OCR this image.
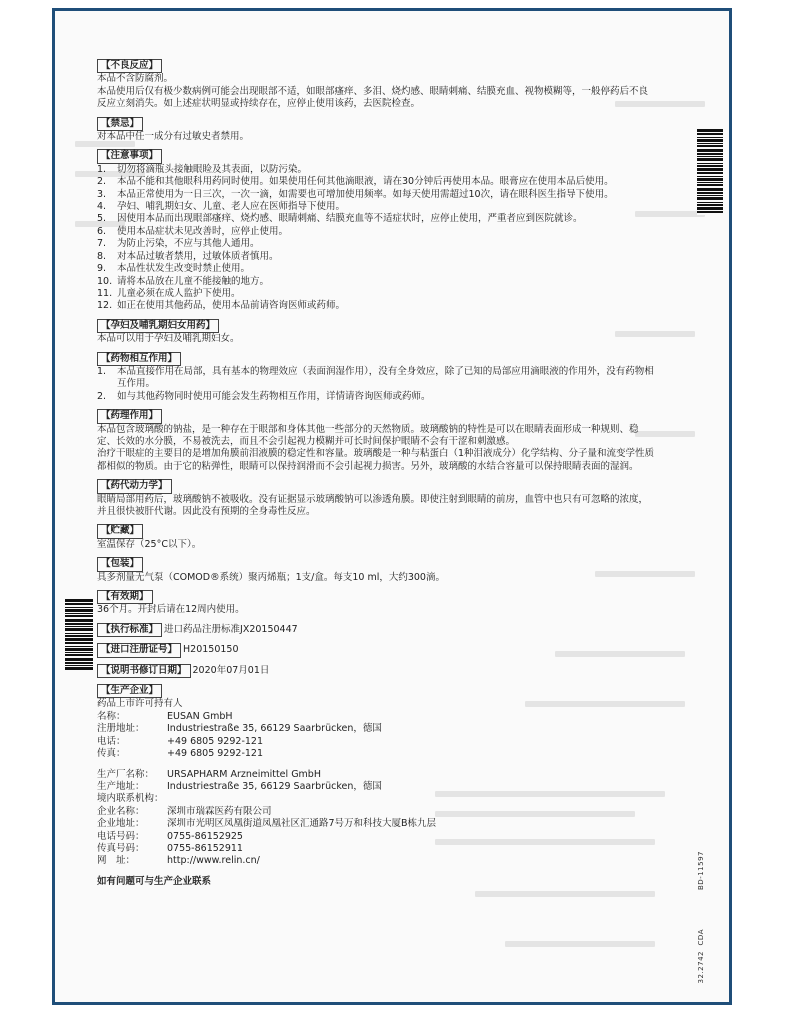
【不良反应】

本品不含防腐剂。

本品使用后仅有极少数病例可能会出现眼部不适，如眼部瘙痒、多泪、烧灼感、眼睛刺痛、结膜充血、视物模糊等，一般停药后不良反应立刻消失。如上述症状明显或持续存在，应停止使用该药，去医院检查。

【禁忌】

对本品中任一成分有过敏史者禁用。

【注意事项】
1.	切勿将滴瓶头接触眼睑及其表面，以防污染。
2.	本品不能和其他眼科用药同时使用。如果使用任何其他滴眼液，请在30分钟后再使用本品。眼膏应在使用本品后使用。
3.	本品正常使用为一日三次，一次一滴，如需要也可增加使用频率。如每天使用需超过10次，请在眼科医生指导下使用。
4.	孕妇、哺乳期妇女、儿童、老人应在医师指导下使用。
5.	因使用本品而出现眼部瘙痒、烧灼感、眼睛刺痛、结膜充血等不适症状时，应停止使用，严重者应到医院就诊。
6.	使用本品症状未见改善时，应停止使用。
7.	为防止污染，不应与其他人通用。
8.	对本品过敏者禁用，过敏体质者慎用。
9.	本品性状发生改变时禁止使用。
10. 请将本品放在儿童不能接触的地方。
11. 儿童必须在成人监护下使用。
12. 如正在使用其他药品，使用本品前请咨询医师或药师。
【孕妇及哺乳期妇女用药】

本品可以用于孕妇及哺乳期妇女。

【药物相互作用】
1.	本品直接作用在局部，具有基本的物理效应（表面润湿作用），没有全身效应，除了已知的局部应用滴眼液的作用外，没有药物相互作用。
2.	如与其他药物同时使用可能会发生药物相互作用，详情请咨询医师或药师。
【药理作用】

本品包含玻璃酸的钠盐，是一种存在于眼部和身体其他一些部分的天然物质。玻璃酸钠的特性是可以在眼睛表面形成一种规则、稳定、长效的水分膜，不易被洗去，而且不会引起视力模糊并可长时间保护眼睛不会有干涩和刺激感。

治疗干眼症的主要目的是增加角膜前泪液膜的稳定性和容量。玻璃酸是一种与粘蛋白（1种泪液成分）化学结构、分子量和流变学性质都相似的物质。由于它的粘弹性，眼睛可以保持润滑而不会引起视力损害。另外，玻璃酸的水结合容量可以保持眼睛表面的湿润。

【药代动力学】

眼睛局部用药后，玻璃酸钠不被吸收。没有证据显示玻璃酸钠可以渗透角膜。即使注射到眼睛的前房，血管中也只有可忽略的浓度，并且很快被肝代谢。因此没有预期的全身毒性反应。

【贮藏】

室温保存（25°C以下）。

【包装】

具多剂量无气泵（COMOD®系统）聚丙烯瓶；1支/盒。每支10 ml，大约300滴。

【有效期】

36个月。开封后请在12周内使用。

【执行标准】 进口药品注册标准JX20150447
【进口注册证号】 H20150150
【说明书修订日期】 2020年07月01日
【生产企业】

药品上市许可持有人

名称：	EUSAN GmbH
注册地址：	Industriestraße 35, 66129 Saarbrücken，德国
电话：	+49 6805 9292-121
传真：	+49 6805 9292-121
生产厂名称：	URSAPHARM Arzneimittel GmbH
生产地址：	Industriestraße 35, 66129 Saarbrücken，德国

境内联系机构：

企业名称：	深圳市瑞霖医药有限公司
企业地址：	深圳市光明区凤凰街道凤凰社区汇通路7号万和科技大厦B栋九层
电话号码：	0755-86152925
传真号码：	0755-86152911
网　址：	http://www.relin.cn/

如有问题可与生产企业联系	BD-11597
CDA
32.2742
